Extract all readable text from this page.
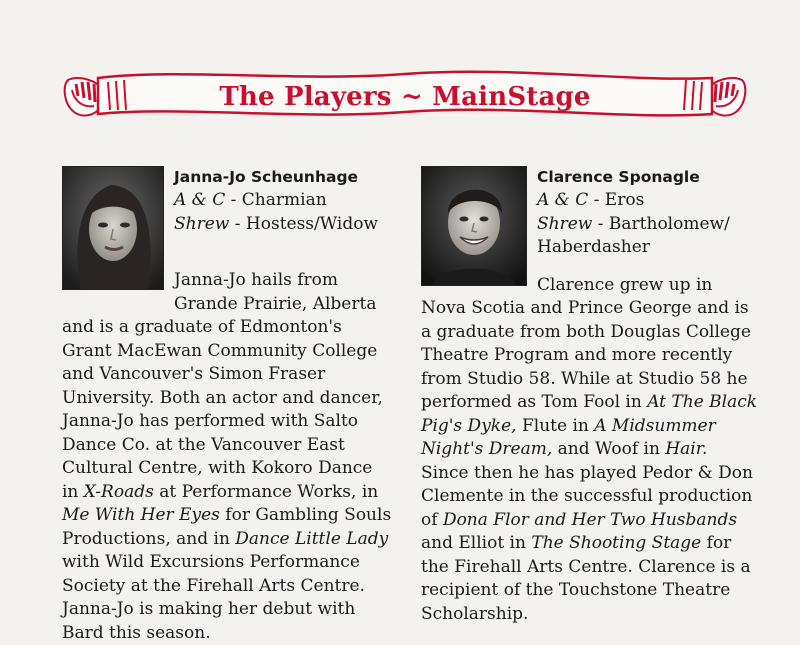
The Players ~ MainStage
Janna-Jo Scheunhage
A & C - Charmian
Shrew - Hostess/Widow

Janna-Jo hails from Grande Prairie, Alberta and is a graduate of Edmonton's Grant MacEwan Community College and Vancouver's Simon Fraser University. Both an actor and dancer, Janna-Jo has performed with Salto Dance Co. at the Vancouver East Cultural Centre, with Kokoro Dance in X-Roads at Performance Works, in Me With Her Eyes for Gambling Souls Productions, and in Dance Little Lady with Wild Excursions Performance Society at the Firehall Arts Centre. Janna-Jo is making her debut with Bard this season.

Clarence Sponagle
A & C - Eros
Shrew - Bartholomew/
Haberdasher

Clarence grew up in Nova Scotia and Prince George and is a graduate from both Douglas College Theatre Program and more recently from Studio 58. While at Studio 58 he performed as Tom Fool in At The Black Pig's Dyke, Flute in A Midsummer Night's Dream, and Woof in Hair. Since then he has played Pedor & Don Clemente in the successful production of Dona Flor and Her Two Husbands and Elliot in The Shooting Stage for the Firehall Arts Centre. Clarence is a recipient of the Touchstone Theatre Scholarship.
